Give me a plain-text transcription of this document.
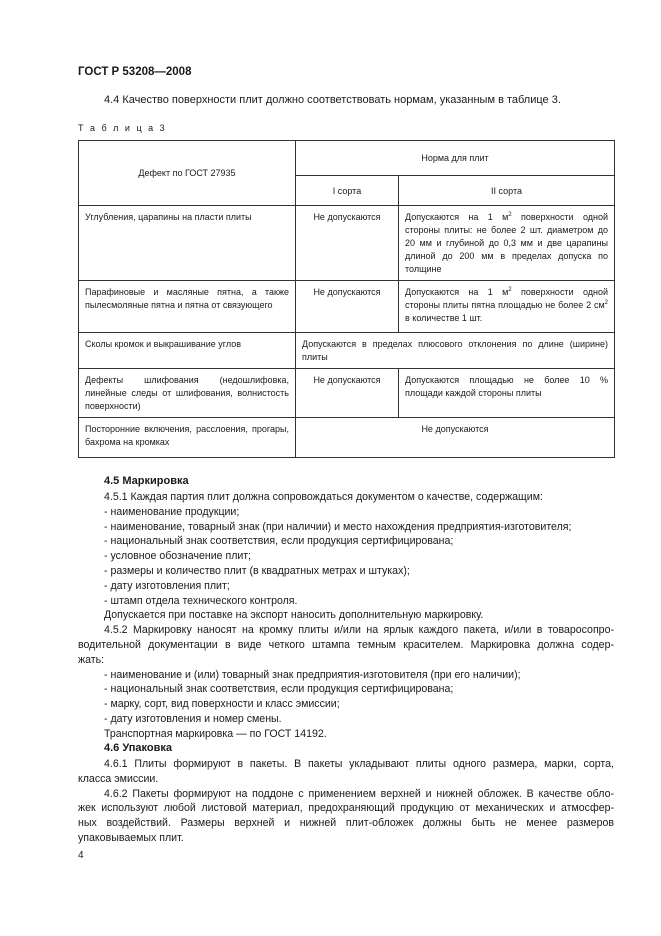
ГОСТ Р 53208—2008
4.4 Качество поверхности плит должно соответствовать нормам, указанным в таблице 3.
Т а б л и ц а 3
Дефект по ГОСТ 27935	Норма для плит	
	I сорта	II сорта
Углубления, царапины на пласти плиты	Не допускаются	Допускаются на 1 $м^2$ поверхности одной стороны плиты: не более 2 шт. диаметром до 20 мм и глубиной до 0,3 мм и две царапины длиной до 200 мм в пределах допуска по толщине
Парафиновые и масляные пятна, а также пылесмоляные пятна и пятна от связующего	Не допускаются	Допускаются на 1 $м^2$ поверхности одной стороны плиты пятна площадью не более 2 $см^2$ в количестве 1 шт.
Сколы кромок и выкрашивание углов	Допускаются в пределах плюсового отклонения по длине (ширине) плиты	
Дефекты шлифования (недошлифовка, линейные следы от шлифования, волнистость поверхности)	Не допускаются	Допускаются площадью не более 10 % площади каждой стороны плиты
Посторонние включения, расслоения, прогары, бахрома на кромках	Не допускаются	
4.5 Маркировка
4.5.1 Каждая партия плит должна сопровождаться документом о качестве, содержащим:
- наименование продукции;
- наименование, товарный знак (при наличии) и место нахождения предприятия-изготовителя;
- национальный знак соответствия, если продукция сертифицирована;
- условное обозначение плит;
- размеры и количество плит (в квадратных метрах и штуках);
- дату изготовления плит;
- штамп отдела технического контроля.
Допускается при поставке на экспорт наносить дополнительную маркировку.
4.5.2 Маркировку наносят на кромку плиты и/или на ярлык каждого пакета, и/или в товаросопро-
водительной документации в виде четкого штампа темным красителем. Маркировка должна содер-
жать:
- наименование и (или) товарный знак предприятия-изготовителя (при его наличии);
- национальный знак соответствия, если продукция сертифицирована;
- марку, сорт, вид поверхности и класс эмиссии;
- дату изготовления и номер смены.
Транспортная маркировка — по ГОСТ 14192.
4.6 Упаковка
4.6.1 Плиты формируют в пакеты. В пакеты укладывают плиты одного размера, марки, сорта,
класса эмиссии.
4.6.2 Пакеты формируют на поддоне с применением верхней и нижней обложек. В качестве обло-
жек используют любой листовой материал, предохраняющий продукцию от механических и атмосфер-
ных воздействий. Размеры верхней и нижней плит-обложек должны быть не менее размеров
упаковываемых плит.
4
